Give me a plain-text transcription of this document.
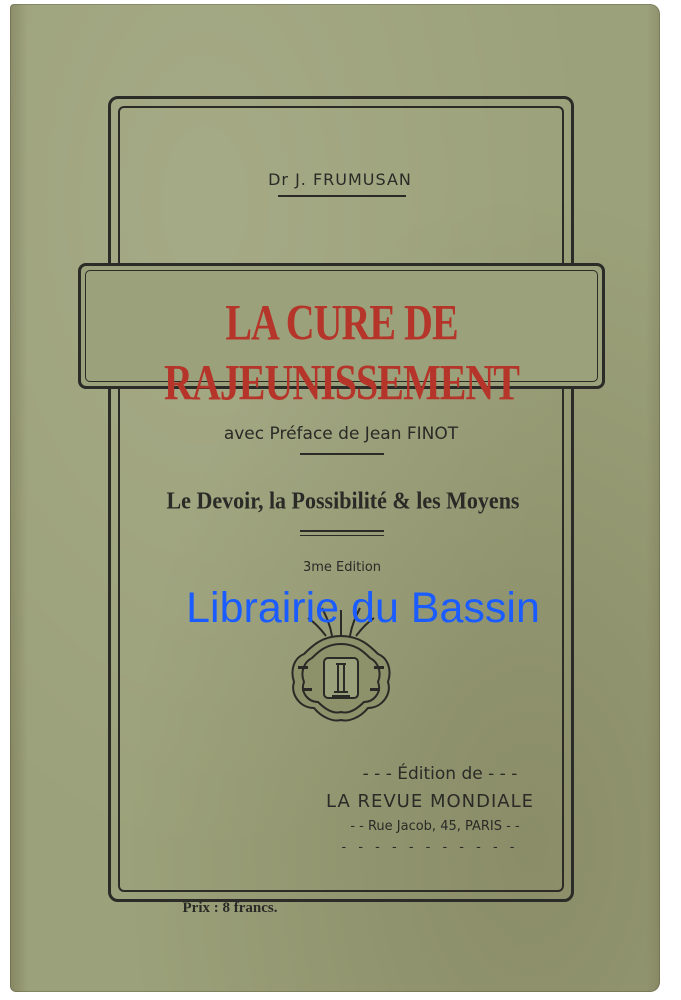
Dr J. FRUMUSAN
LA CURE DE RAJEUNISSEMENT
avec Préface de Jean FINOT
Le Devoir, la Possibilité & les Moyens
3me Edition
Librairie du Bassin
- - - Édition de - - -
LA REVUE MONDIALE
- - Rue Jacob, 45, PARIS - -
- - - - - - - - - - -
Prix : 8 francs.
